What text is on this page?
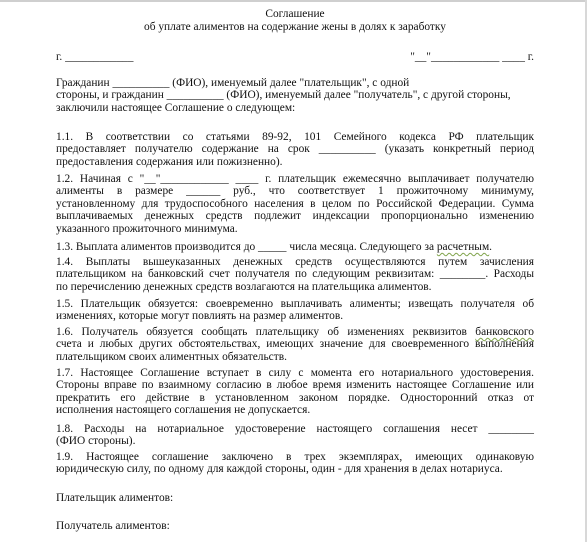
Соглашение
об уплате алиментов на содержание жены в долях к заработку
г. ____________	"__"____________ ____ г.
Гражданин __________ (ФИО), именуемый далее "плательщик", с одной
стороны, и гражданин __________ (ФИО), именуемый далее "получатель", с другой стороны,
заключили настоящее Соглашение о следующем:
1.1. В соответствии со статьями 89-92, 101 Семейного кодекса РФ плательщик
предоставляет получателю содержание на срок __________ (указать конкретный период
предоставления содержания или пожизненно).
1.2. Начиная с "__"____________ ____ г. плательщик ежемесячно выплачивает получателю
алименты в размере ______ руб., что соответствует 1 прожиточному минимуму,
установленному для трудоспособного населения в целом по Российской Федерации. Сумма
выплачиваемых денежных средств подлежит индексации пропорционально изменению
указанного прожиточного минимума.
1.3. Выплата алиментов производится до _____ числа месяца. Следующего за расчетным.
1.4. Выплаты вышеуказанных денежных средств осуществляются путем зачисления
плательщиком на банковский счет получателя по следующим реквизитам: ________. Расходы
по перечислению денежных средств возлагаются на плательщика алиментов.
1.5. Плательщик обязуется: своевременно выплачивать алименты; извещать получателя об
изменениях, которые могут повлиять на размер алиментов.
1.6. Получатель обязуется сообщать плательщику об изменениях реквизитов банковского
счета и любых других обстоятельствах, имеющих значение для своевременного выполнения
плательщиком своих алиментных обязательств.
1.7. Настоящее Соглашение вступает в силу с момента его нотариального удостоверения.
Стороны вправе по взаимному согласию в любое время изменить настоящее Соглашение или
прекратить его действие в установленном законом порядке. Односторонний отказ от
исполнения настоящего соглашения не допускается.
1.8. Расходы на нотариальное удостоверение настоящего соглашения несет ________
(ФИО стороны).
1.9. Настоящее соглашение заключено в трех экземплярах, имеющих одинаковую
юридическую силу, по одному для каждой стороны, один - для хранения в делах нотариуса.
Плательщик алиментов:
Получатель алиментов:
